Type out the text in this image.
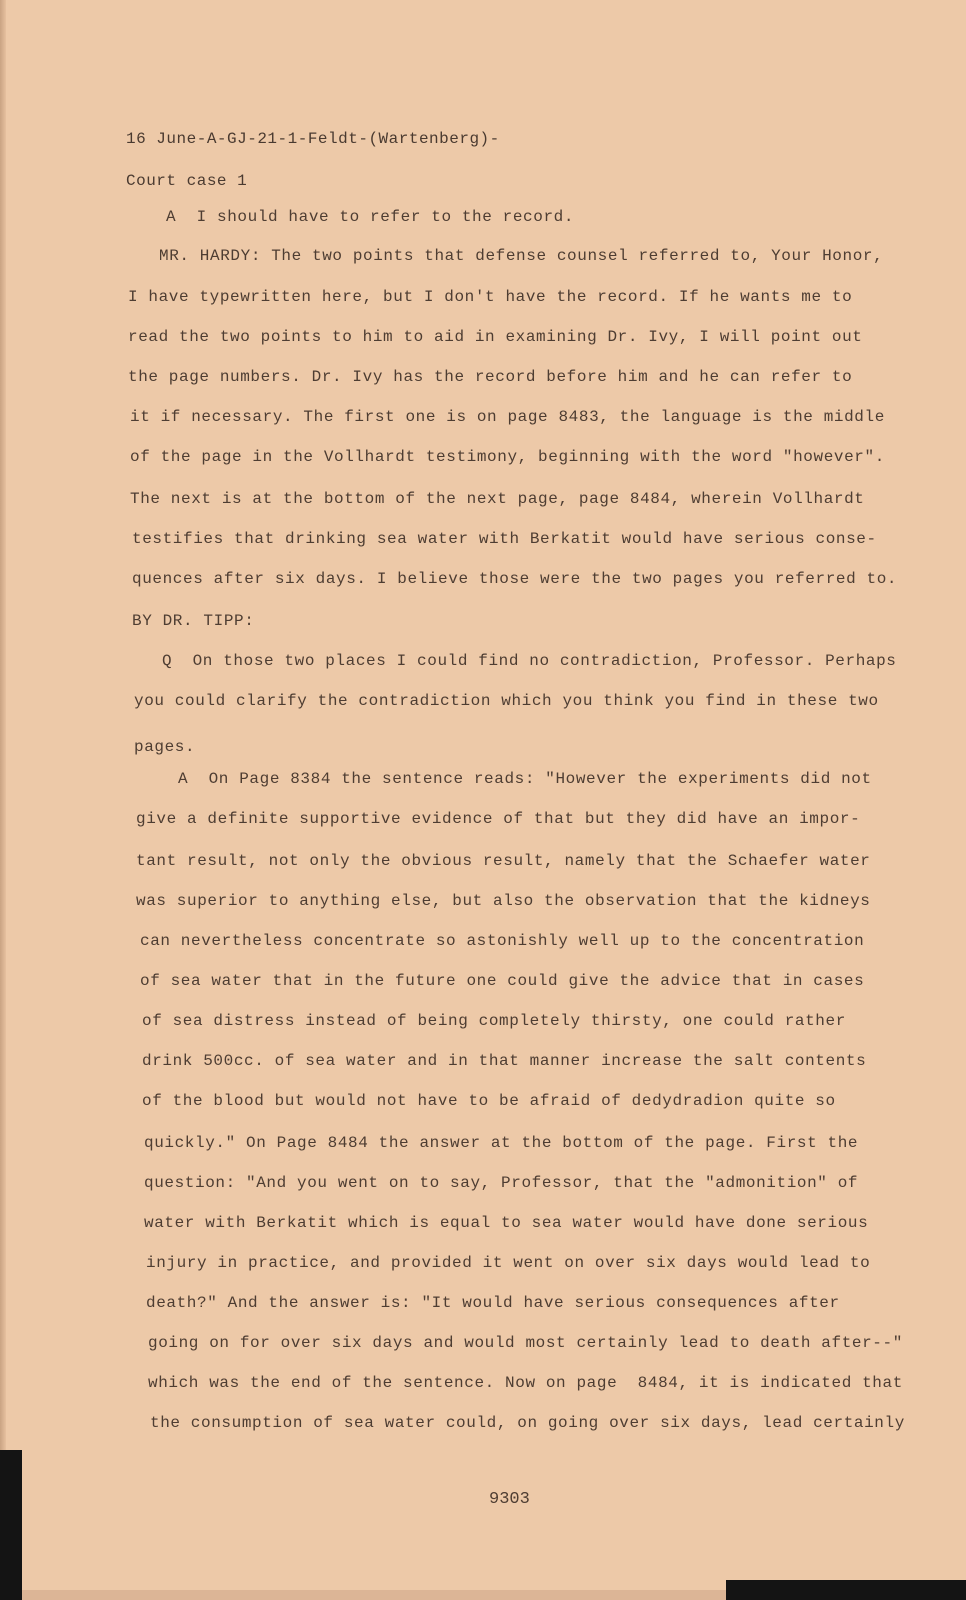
16 June-A-GJ-21-1-Feldt-(Wartenberg)-
Court case 1
A  I should have to refer to the record.
MR. HARDY: The two points that defense counsel referred to, Your Honor,
I have typewritten here, but I don't have the record. If he wants me to
read the two points to him to aid in examining Dr. Ivy, I will point out
the page numbers. Dr. Ivy has the record before him and he can refer to
it if necessary. The first one is on page 8483, the language is the middle
of the page in the Vollhardt testimony, beginning with the word "however".
The next is at the bottom of the next page, page 8484, wherein Vollhardt
testifies that drinking sea water with Berkatit would have serious conse-
quences after six days. I believe those were the two pages you referred to.
BY DR. TIPP:
Q  On those two places I could find no contradiction, Professor. Perhaps
you could clarify the contradiction which you think you find in these two
pages.
A  On Page 8384 the sentence reads: "However the experiments did not
give a definite supportive evidence of that but they did have an impor-
tant result, not only the obvious result, namely that the Schaefer water
was superior to anything else, but also the observation that the kidneys
can nevertheless concentrate so astonishly well up to the concentration
of sea water that in the future one could give the advice that in cases
of sea distress instead of being completely thirsty, one could rather
drink 500cc. of sea water and in that manner increase the salt contents
of the blood but would not have to be afraid of dedydradion quite so
quickly." On Page 8484 the answer at the bottom of the page. First the
question: "And you went on to say, Professor, that the "admonition" of
water with Berkatit which is equal to sea water would have done serious
injury in practice, and provided it went on over six days would lead to
death?" And the answer is: "It would have serious consequences after
going on for over six days and would most certainly lead to death after--"
which was the end of the sentence. Now on page  8484, it is indicated that
the consumption of sea water could, on going over six days, lead certainly
9303
